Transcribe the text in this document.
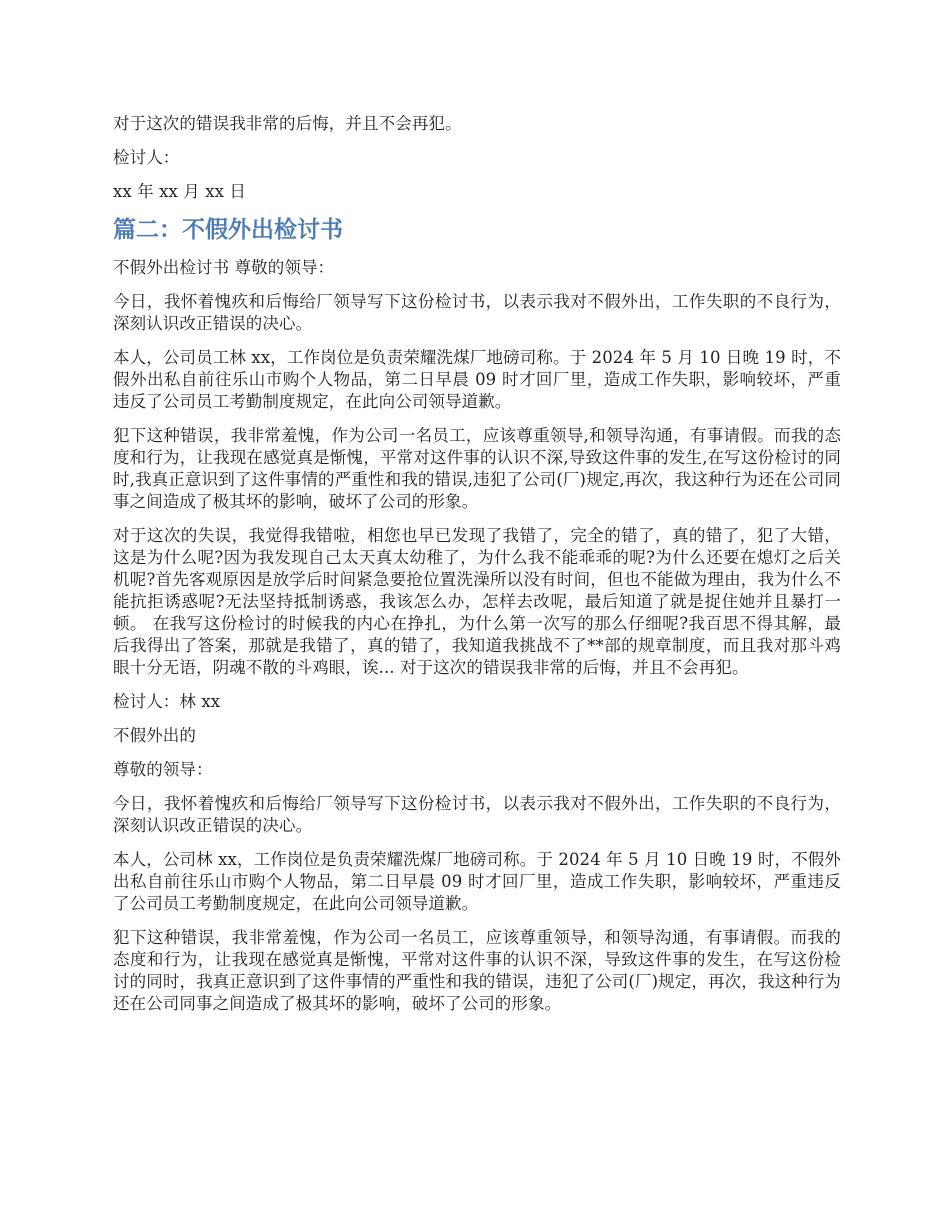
对于这次的错误我非常的后悔，并且不会再犯。

检讨人：

xx 年 xx 月 xx 日

篇二：不假外出检讨书

不假外出检讨书 尊敬的领导：

今日，我怀着愧疚和后悔给厂领导写下这份检讨书，以表示我对不假外出，工作失职的不良行为，深刻认识改正错误的决心。

本人，公司员工林 xx，工作岗位是负责荣耀洗煤厂地磅司称。于 2024 年 5 月 10 日晚 19 时，不假外出私自前往乐山市购个人物品，第二日早晨 09 时才回厂里，造成工作失职，影响较坏，严重违反了公司员工考勤制度规定，在此向公司领导道歉。

犯下这种错误，我非常羞愧，作为公司一名员工，应该尊重领导,和领导沟通，有事请假。而我的态度和行为，让我现在感觉真是惭愧，平常对这件事的认识不深,导致这件事的发生,在写这份检讨的同时,我真正意识到了这件事情的严重性和我的错误,违犯了公司(厂)规定,再次，我这种行为还在公司同事之间造成了极其坏的影响，破坏了公司的形象。

对于这次的失误，我觉得我错啦，相您也早已发现了我错了，完全的错了，真的错了，犯了大错，这是为什么呢?因为我发现自己太天真太幼稚了，为什么我不能乖乖的呢?为什么还要在熄灯之后关机呢?首先客观原因是放学后时间紧急要抢位置洗澡所以没有时间，但也不能做为理由，我为什么不能抗拒诱惑呢?无法坚持抵制诱惑，我该怎么办，怎样去改呢，最后知道了就是捉住她并且暴打一顿。 在我写这份检讨的时候我的内心在挣扎，为什么第一次写的那么仔细呢?我百思不得其解，最后我得出了答案，那就是我错了，真的错了，我知道我挑战不了**部的规章制度，而且我对那斗鸡眼十分无语，阴魂不散的斗鸡眼，诶... 对于这次的错误我非常的后悔，并且不会再犯。

检讨人：林 xx

不假外出的

尊敬的领导：

今日，我怀着愧疚和后悔给厂领导写下这份检讨书，以表示我对不假外出，工作失职的不良行为，深刻认识改正错误的决心。

本人，公司林 xx，工作岗位是负责荣耀洗煤厂地磅司称。于 2024 年 5 月 10 日晚 19 时，不假外出私自前往乐山市购个人物品，第二日早晨 09 时才回厂里，造成工作失职，影响较坏，严重违反了公司员工考勤制度规定，在此向公司领导道歉。

犯下这种错误，我非常羞愧，作为公司一名员工，应该尊重领导，和领导沟通，有事请假。而我的态度和行为，让我现在感觉真是惭愧，平常对这件事的认识不深，导致这件事的发生，在写这份检讨的同时，我真正意识到了这件事情的严重性和我的错误，违犯了公司(厂)规定，再次，我这种行为还在公司同事之间造成了极其坏的影响，破坏了公司的形象。
